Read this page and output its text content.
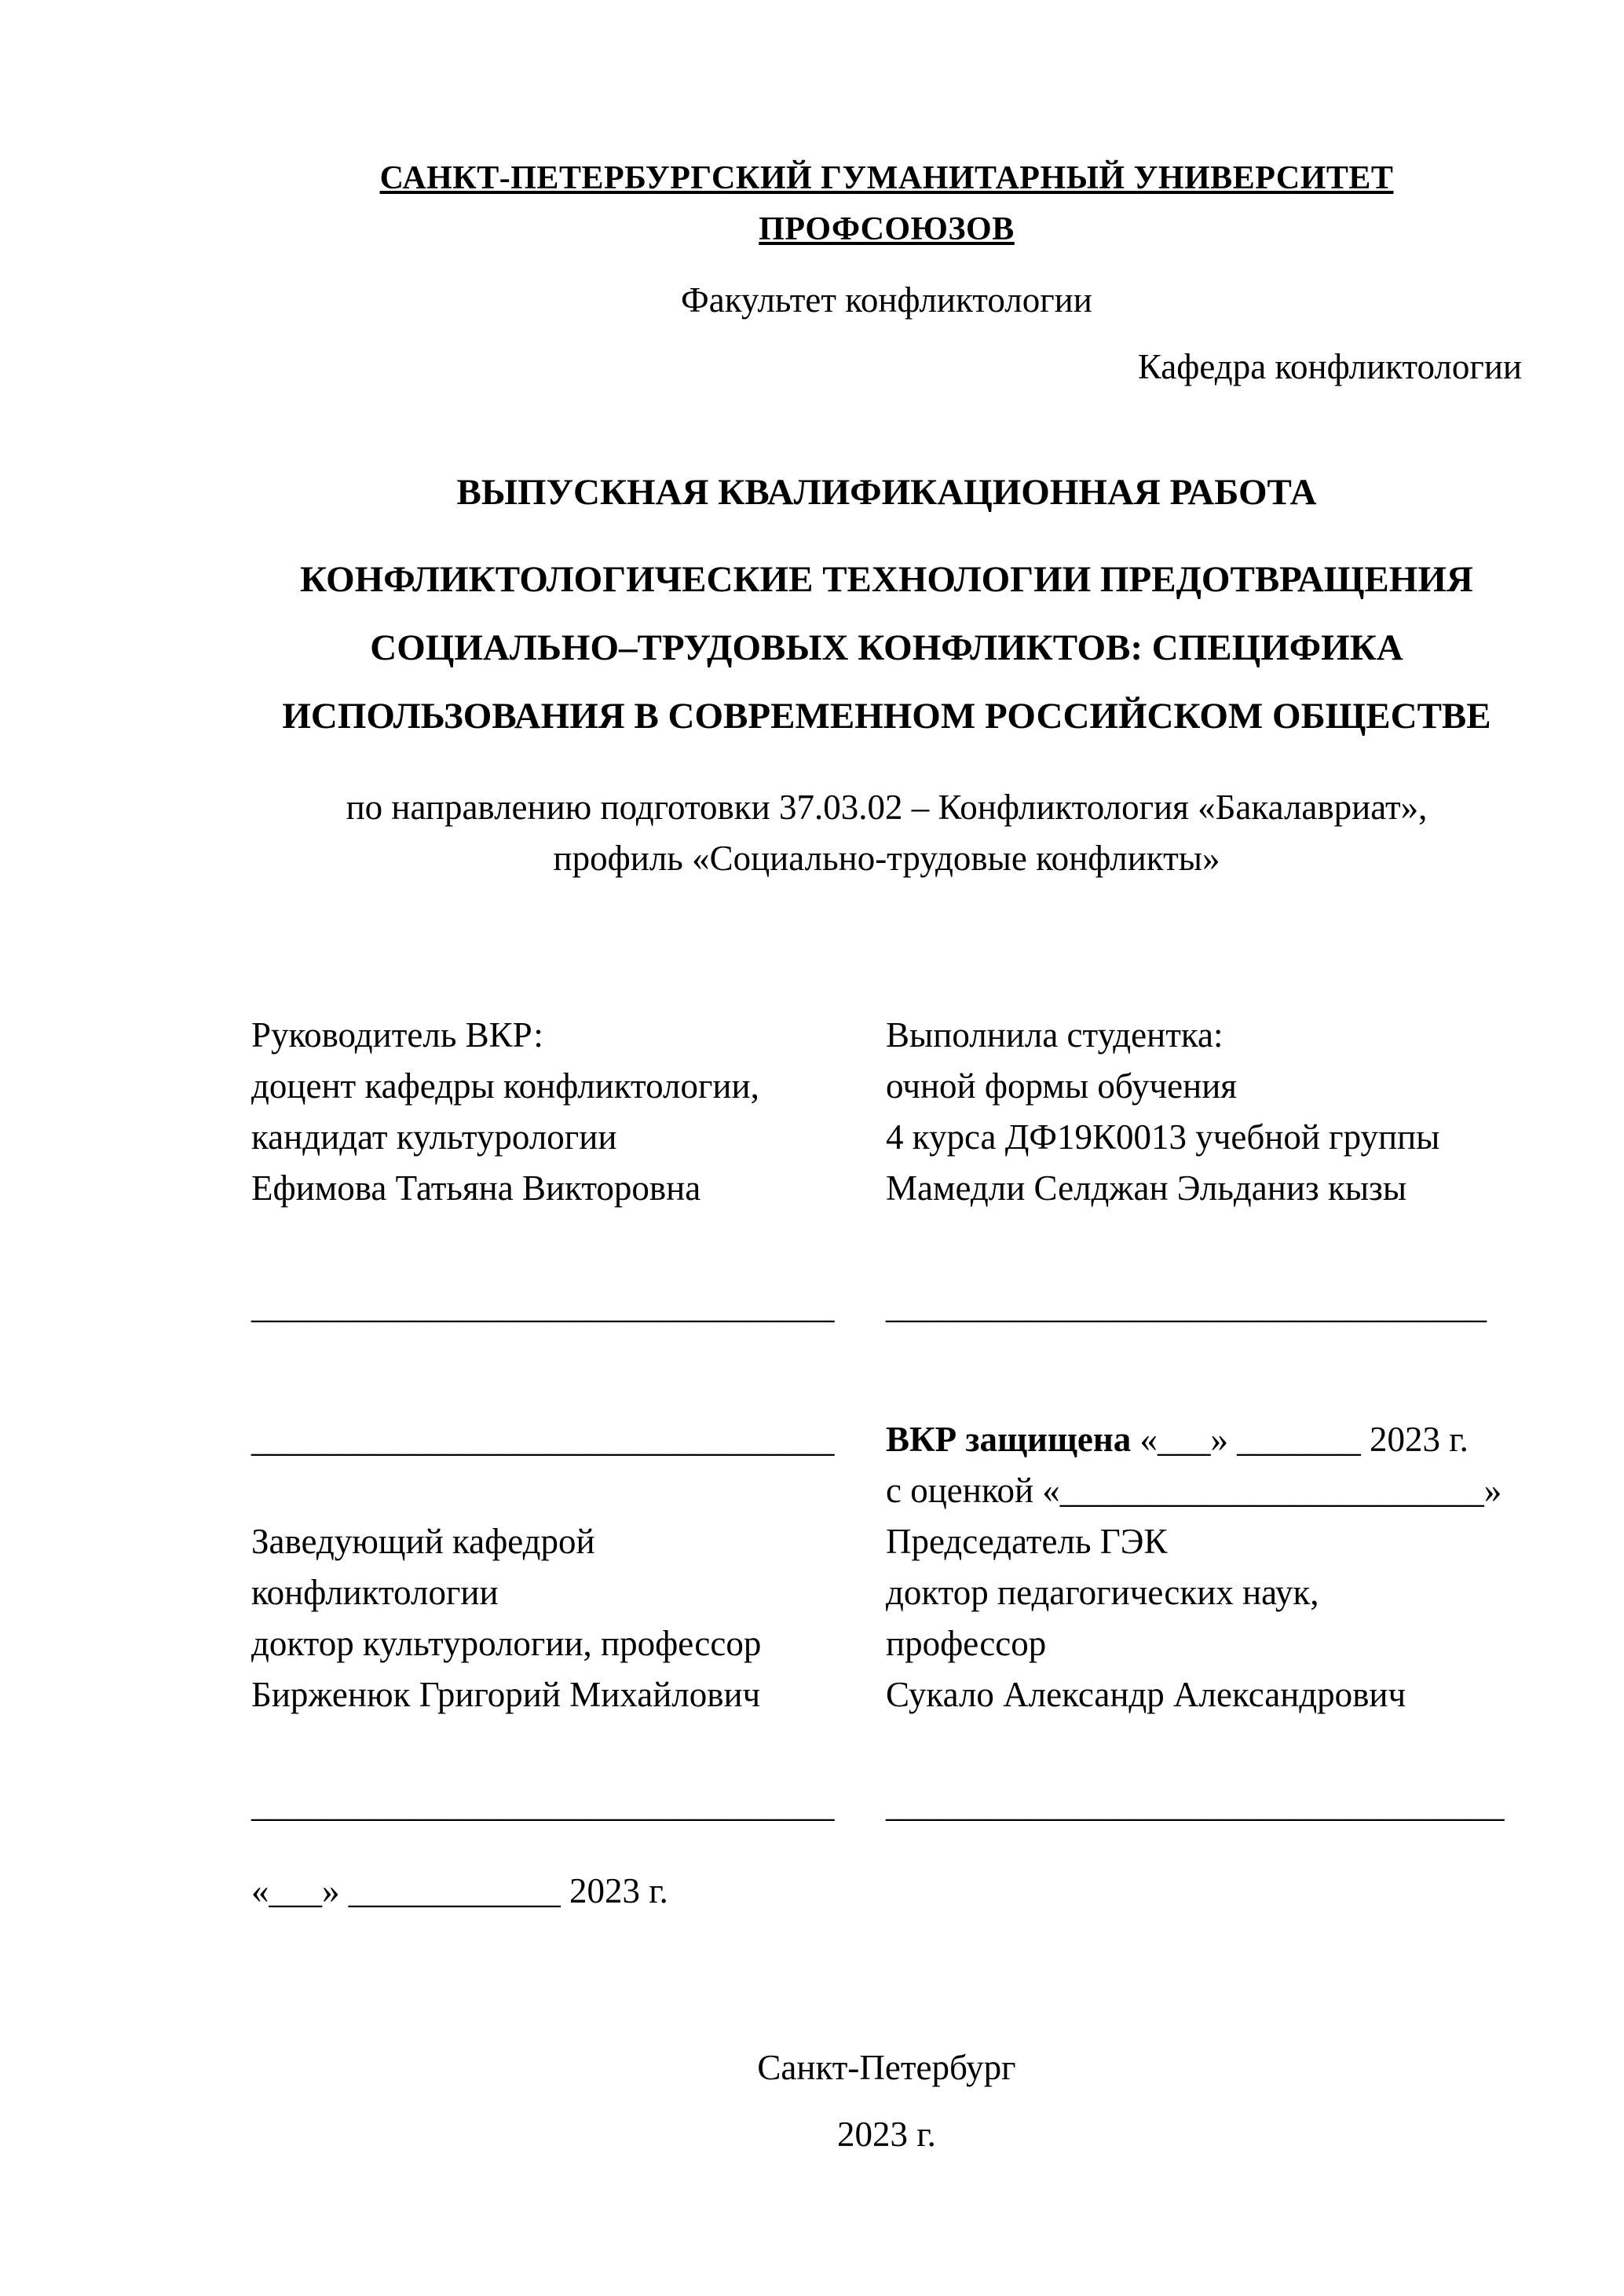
САНКТ-ПЕТЕРБУРГСКИЙ ГУМАНИТАРНЫЙ УНИВЕРСИТЕТ ПРОФСОЮЗОВ
Факультет конфликтологии
Кафедра конфликтологии
ВЫПУСКНАЯ КВАЛИФИКАЦИОННАЯ РАБОТА
КОНФЛИКТОЛОГИЧЕСКИЕ ТЕХНОЛОГИИ ПРЕДОТВРАЩЕНИЯ
СОЦИАЛЬНО–ТРУДОВЫХ КОНФЛИКТОВ: СПЕЦИФИКА
ИСПОЛЬЗОВАНИЯ В СОВРЕМЕННОМ РОССИЙСКОМ ОБЩЕСТВЕ
по направлению подготовки 37.03.02 – Конфликтология «Бакалавриат»,
профиль «Социально-трудовые конфликты»
Руководитель ВКР:
доцент кафедры конфликтологии,
кандидат культурологии
Ефимова Татьяна Викторовна
Выполнила студентка:
очной формы обучения
4 курса ДФ19К0013 учебной группы
Мамедли Селджан Эльданиз кызы
_________________________________	__________________________________
_________________________________
Заведующий кафедрой
конфликтологии
доктор культурологии, профессор
Бирженюк Григорий Михайлович
ВКР защищена «___» _______ 2023 г.
с оценкой «________________________»
Председатель ГЭК
доктор педагогических наук,
профессор
Сукало Александр Александрович
_________________________________	___________________________________
«___» ____________ 2023 г.
Санкт-Петербург
2023 г.
